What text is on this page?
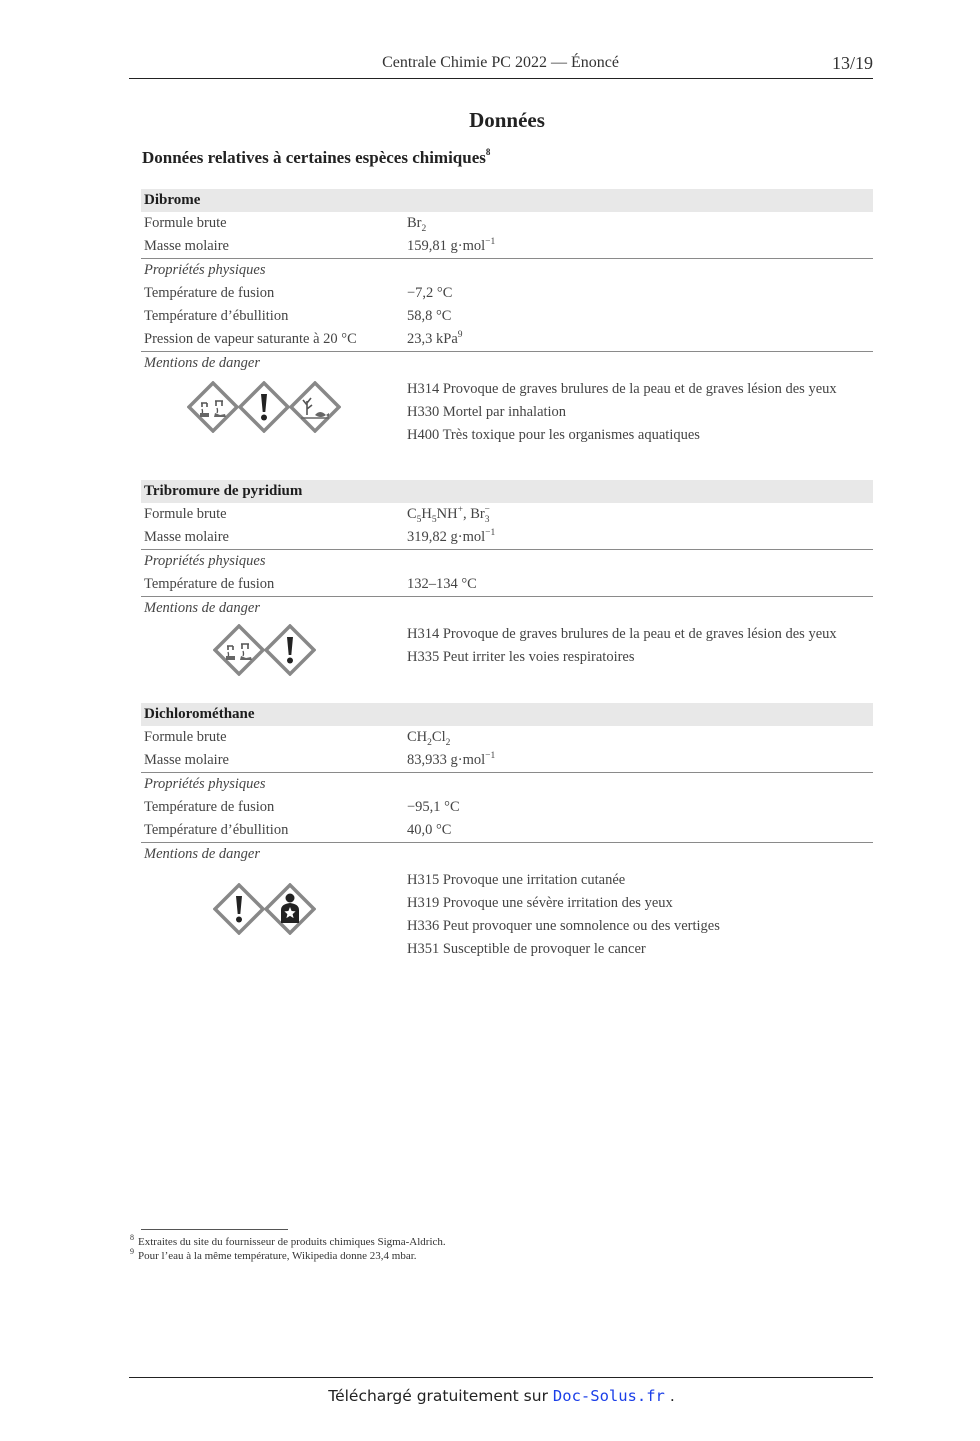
Centrale Chimie PC 2022 — Énoncé	13/19
Données
Données relatives à certaines espèces chimiques$^8$
Dibrome
Formule brute	$Br_2$
Masse molaire	159,81 g·mol$^{-1}$
Propriétés physiques
Température de fusion	−7,2 °C
Température d’ébullition	58,8 °C
Pression de vapeur saturante à 20 °C	23,3 kPa$^9$
Mentions de danger
H314 Provoque de graves brulures de la peau et de graves lésion des yeux
H330 Mortel par inhalation
H400 Très toxique pour les organismes aquatiques
Tribromure de pyridium
Formule brute	$C_5H_5NH^+$, $Br_3^-$
Masse molaire	319,82 g·mol$^{-1}$
Propriétés physiques
Température de fusion	132–134 °C
Mentions de danger
H314 Provoque de graves brulures de la peau et de graves lésion des yeux
H335 Peut irriter les voies respiratoires
Dichlorométhane
Formule brute	$CH_2Cl_2$
Masse molaire	83,933 g·mol$^{-1}$
Propriétés physiques
Température de fusion	−95,1 °C
Température d’ébullition	40,0 °C
Mentions de danger
H315 Provoque une irritation cutanée
H319 Provoque une sévère irritation des yeux
H336 Peut provoquer une somnolence ou des vertiges
H351 Susceptible de provoquer le cancer
$^8$ Extraites du site du fournisseur de produits chimiques Sigma-Aldrich.
$^9$ Pour l’eau à la même température, Wikipedia donne 23,4 mbar.
Téléchargé gratuitement sur Doc-Solus.fr .
